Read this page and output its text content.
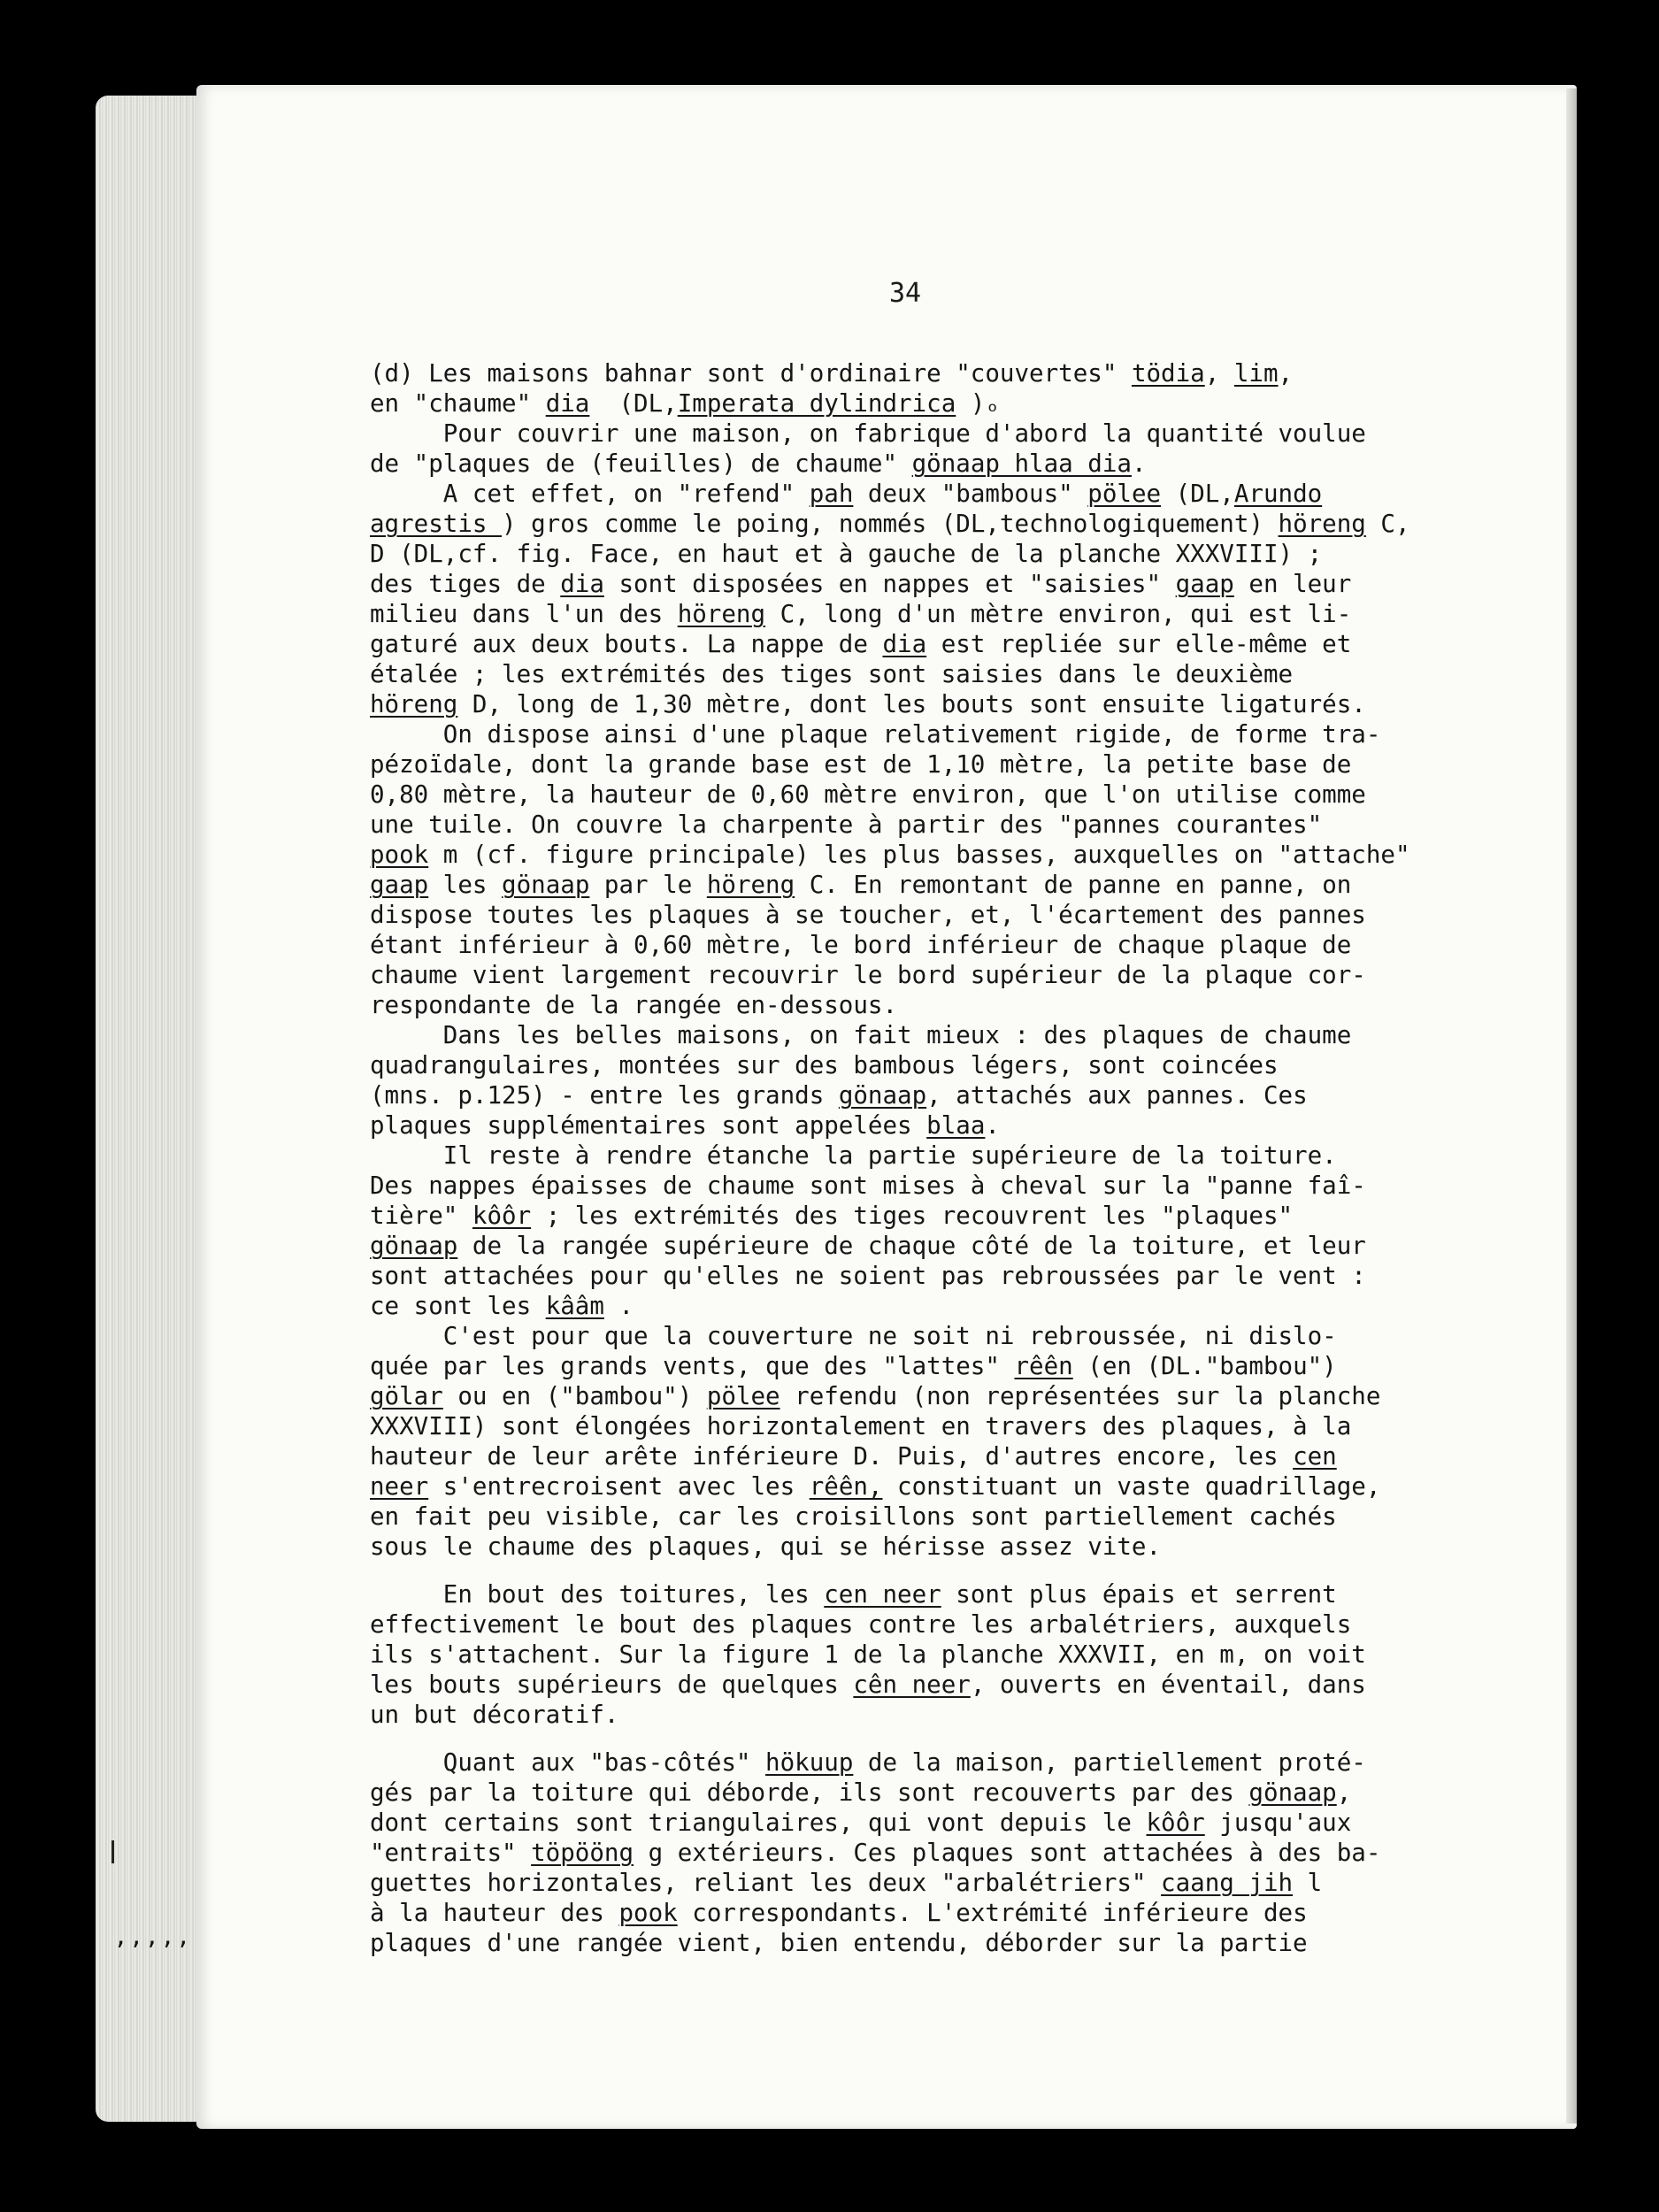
’’’’’
34
(d) Les maisons bahnar sont d'ordinaire "couvertes" tödia, lim,
en "chaume" dia  (DL,Imperata dylindrica )ₒ
Pour couvrir une maison, on fabrique d'abord la quantité voulue
de "plaques de (feuilles) de chaume" gönaap hlaa dia.
A cet effet, on "refend" pah deux "bambous" pölee (DL,Arundo
agrestis ) gros comme le poing, nommés (DL,technologiquement) höreng C,
D (DL,cf. fig. Face, en haut et à gauche de la planche XXXVIII) ;
des tiges de dia sont disposées en nappes et "saisies" gaap en leur
milieu dans l'un des höreng C, long d'un mètre environ, qui est li-
gaturé aux deux bouts. La nappe de dia est repliée sur elle-même et
étalée ; les extrémités des tiges sont saisies dans le deuxième
höreng D, long de 1,30 mètre, dont les bouts sont ensuite ligaturés.
On dispose ainsi d'une plaque relativement rigide, de forme tra-
pézoïdale, dont la grande base est de 1,10 mètre, la petite base de
0,80 mètre, la hauteur de 0,60 mètre environ, que l'on utilise comme
une tuile. On couvre la charpente à partir des "pannes courantes"
pook m (cf. figure principale) les plus basses, auxquelles on "attache"
gaap les gönaap par le höreng C. En remontant de panne en panne, on
dispose toutes les plaques à se toucher, et, l'écartement des pannes
étant inférieur à 0,60 mètre, le bord inférieur de chaque plaque de
chaume vient largement recouvrir le bord supérieur de la plaque cor-
respondante de la rangée en-dessous.
Dans les belles maisons, on fait mieux : des plaques de chaume
quadrangulaires, montées sur des bambous légers, sont coincées
(mns. p.125) - entre les grands gönaap, attachés aux pannes. Ces
plaques supplémentaires sont appelées blaa.
Il reste à rendre étanche la partie supérieure de la toiture.
Des nappes épaisses de chaume sont mises à cheval sur la "panne faî-
tière" kôôr ; les extrémités des tiges recouvrent les "plaques"
gönaap de la rangée supérieure de chaque côté de la toiture, et leur
sont attachées pour qu'elles ne soient pas rebroussées par le vent :
ce sont les kââm .
C'est pour que la couverture ne soit ni rebroussée, ni dislo-
quée par les grands vents, que des "lattes" rêên (en (DL."bambou")
gölar ou en ("bambou") pölee refendu (non représentées sur la planche
XXXVIII) sont élongées horizontalement en travers des plaques, à la
hauteur de leur arête inférieure D. Puis, d'autres encore, les cen
neer s'entrecroisent avec les rêên, constituant un vaste quadrillage,
en fait peu visible, car les croisillons sont partiellement cachés
sous le chaume des plaques, qui se hérisse assez vite.
En bout des toitures, les cen neer sont plus épais et serrent
effectivement le bout des plaques contre les arbalétriers, auxquels
ils s'attachent. Sur la figure 1 de la planche XXXVII, en m, on voit
les bouts supérieurs de quelques cên neer, ouverts en éventail, dans
un but décoratif.
Quant aux "bas-côtés" hökuup de la maison, partiellement proté-
gés par la toiture qui déborde, ils sont recouverts par des gönaap,
dont certains sont triangulaires, qui vont depuis le kôôr jusqu'aux
"entraits" töpööng g extérieurs. Ces plaques sont attachées à des ba-
guettes horizontales, reliant les deux "arbalétriers" caang jih l
à la hauteur des pook correspondants. L'extrémité inférieure des
plaques d'une rangée vient, bien entendu, déborder sur la partie
